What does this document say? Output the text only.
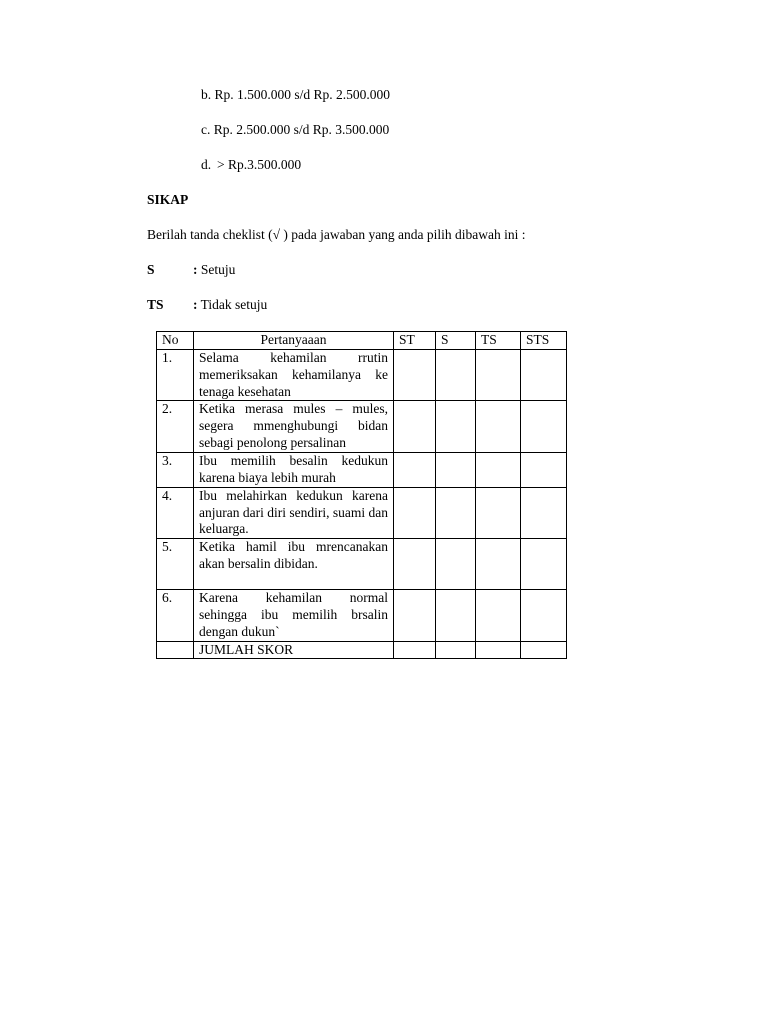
b. Rp. 1.500.000 s/d Rp. 2.500.000
c. Rp. 2.500.000 s/d Rp. 3.500.000
d. > Rp.3.500.000
SIKAP
Berilah tanda cheklist (√ ) pada jawaban yang anda pilih dibawah ini :
S	: Setuju
TS : Tidak setuju
No	Pertanyaaan	ST	S	TS	STS
1.	Selama kehamilan rrutin memeriksakan kehamilanya ke tenaga kesehatan				
2.	Ketika merasa mules – mules, segera mmenghubungi bidan sebagi penolong persalinan				
3.	Ibu memilih besalin kedukun karena biaya lebih murah				
4.	Ibu melahirkan kedukun karena anjuran dari diri sendiri, suami dan keluarga.				
5.	Ketika hamil ibu mrencanakan akan bersalin dibidan.				
6.	Karena kehamilan normal sehingga ibu memilih brsalin dengan dukun`				
	JUMLAH SKOR				
